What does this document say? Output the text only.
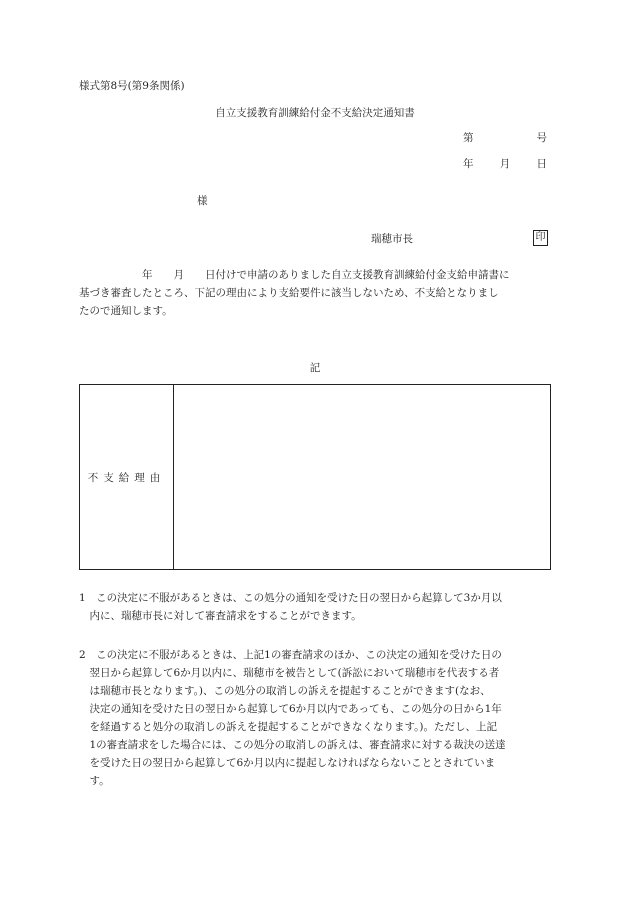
様式第8号(第9条関係)

自立支援教育訓練給付金不支給決定通知書

第	号
年	月	日

様

瑞穂市長	印

　　　　　　年　　月　　日付けで申請のありました自立支援教育訓練給付金支給申請書に
基づき審査したところ、下記の理由により支給要件に該当しないため、不支給となりまし
たので通知します。

記

不支給理由

1　この決定に不服があるときは、この処分の通知を受けた日の翌日から起算して3か月以
　内に、瑞穂市長に対して審査請求をすることができます。

2　この決定に不服があるときは、上記1の審査請求のほか、この決定の通知を受けた日の
　翌日から起算して6か月以内に、瑞穂市を被告として(訴訟において瑞穂市を代表する者
　は瑞穂市長となります。)、この処分の取消しの訴えを提起することができます(なお、
　決定の通知を受けた日の翌日から起算して6か月以内であっても、この処分の日から1年
　を経過すると処分の取消しの訴えを提起することができなくなります。)。ただし、上記
　1の審査請求をした場合には、この処分の取消しの訴えは、審査請求に対する裁決の送達
　を受けた日の翌日から起算して6か月以内に提起しなければならないこととされていま
　す。
